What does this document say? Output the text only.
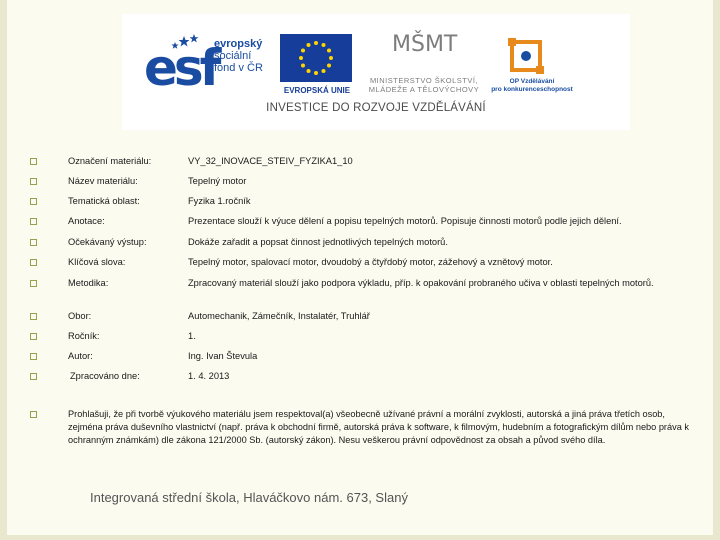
esf
evropský
sociální
fond v ČR
EVROPSKÁ UNIE
MŠMT
MINISTERSTVO ŠKOLSTVÍ,
MLÁDEŽE A TĚLOVÝCHOVY
OP Vzdělávání
pro konkurenceschopnost
INVESTICE DO ROZVOJE VZDĚLÁVÁNÍ
Označení materiálu:	VY_32_INOVACE_STEIV_FYZIKA1_10
Název materiálu:	Tepelný motor
Tematická oblast:	Fyzika 1.ročník
Anotace:	Prezentace slouží k výuce dělení a popisu tepelných motorů. Popisuje činnosti motorů podle jejich dělení.
Očekávaný výstup:	Dokáže zařadit a popsat činnost jednotlivých tepelných motorů.
Klíčová slova:	Tepelný motor, spalovací motor, dvoudobý a čtyřdobý motor, zážehový a vznětový motor.
Metodika:	Zpracovaný materiál slouží jako podpora výkladu, příp. k opakování probraného učiva v oblasti tepelných motorů.
Obor:	Automechanik, Zámečník, Instalatér, Truhlář
Ročník:	1.
Autor:	Ing. Ivan Števula
Zpracováno dne:	1. 4. 2013
Prohlašuji, že při tvorbě výukového materiálu jsem respektoval(a) všeobecně užívané právní a morální zvyklosti, autorská a jiná práva třetích osob, zejména práva duševního vlastnictví (např. práva k obchodní firmě, autorská práva k software, k filmovým, hudebním a fotografickým dílům nebo práva k ochranným známkám) dle zákona 121/2000 Sb. (autorský zákon). Nesu veškerou právní odpovědnost za obsah a původ svého díla.
Integrovaná střední škola, Hlaváčkovo nám. 673, Slaný
